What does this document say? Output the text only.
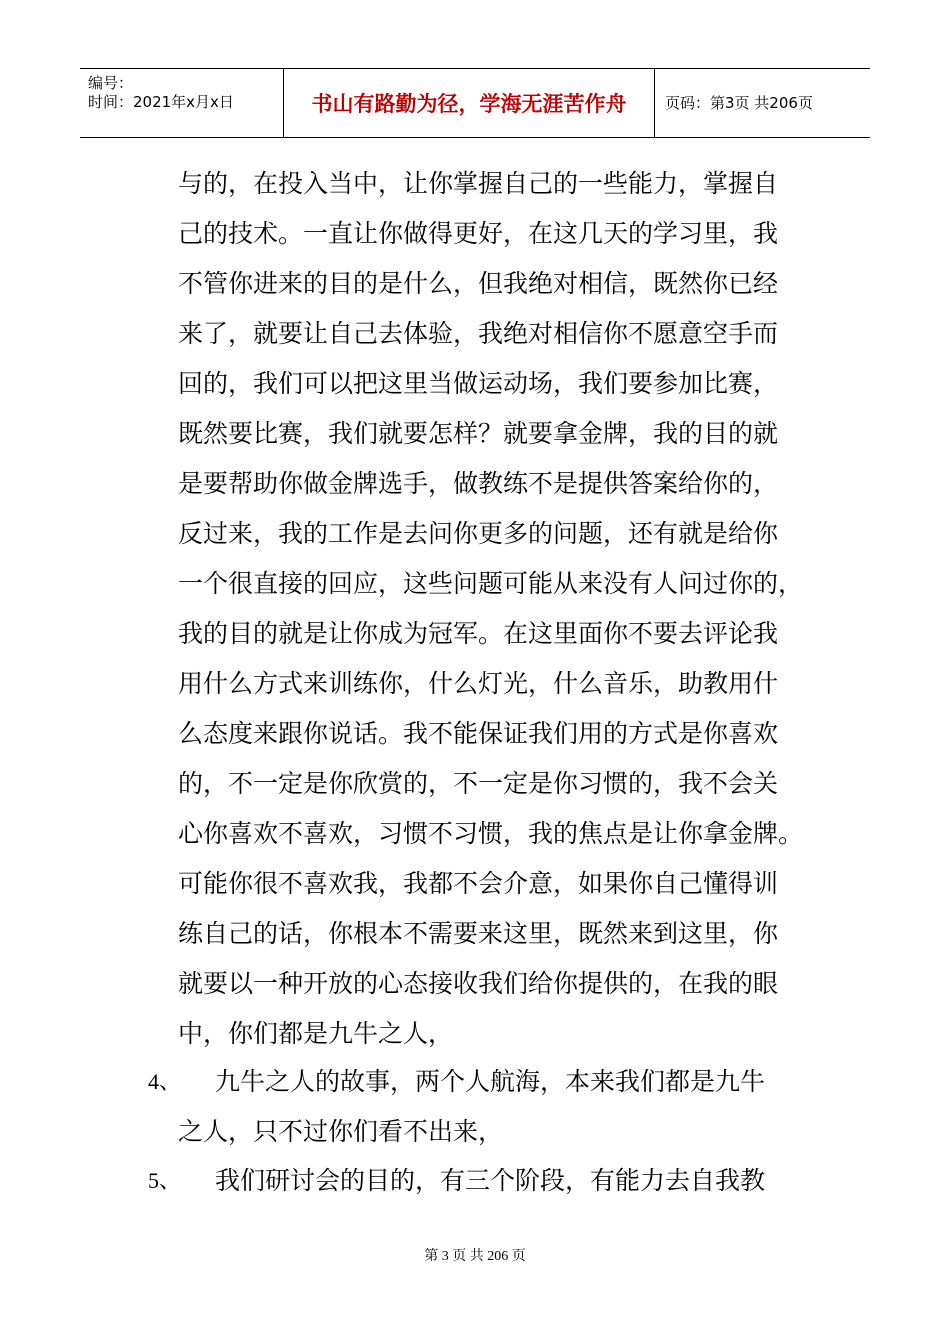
编号：
时间：2021年x月x日	书山有路勤为径，学海无涯苦作舟	页码：第3页 共206页
与的，在投入当中，让你掌握自己的一些能力，掌握自
己的技术。一直让你做得更好，在这几天的学习里，我
不管你进来的目的是什么，但我绝对相信，既然你已经
来了，就要让自己去体验，我绝对相信你不愿意空手而
回的，我们可以把这里当做运动场，我们要参加比赛，
既然要比赛，我们就要怎样？就要拿金牌，我的目的就
是要帮助你做金牌选手，做教练不是提供答案给你的，
反过来，我的工作是去问你更多的问题，还有就是给你
一个很直接的回应，这些问题可能从来没有人问过你的，
我的目的就是让你成为冠军。在这里面你不要去评论我
用什么方式来训练你，什么灯光，什么音乐，助教用什
么态度来跟你说话。我不能保证我们用的方式是你喜欢
的，不一定是你欣赏的，不一定是你习惯的，我不会关
心你喜欢不喜欢，习惯不习惯，我的焦点是让你拿金牌。
可能你很不喜欢我，我都不会介意，如果你自己懂得训
练自己的话，你根本不需要来这里，既然来到这里，你
就要以一种开放的心态接收我们给你提供的，在我的眼
中，你们都是九牛之人，
4、 九牛之人的故事，两个人航海，本来我们都是九牛
之人，只不过你们看不出来，
5、 我们研讨会的目的，有三个阶段，有能力去自我教
第 3 页 共 206 页
